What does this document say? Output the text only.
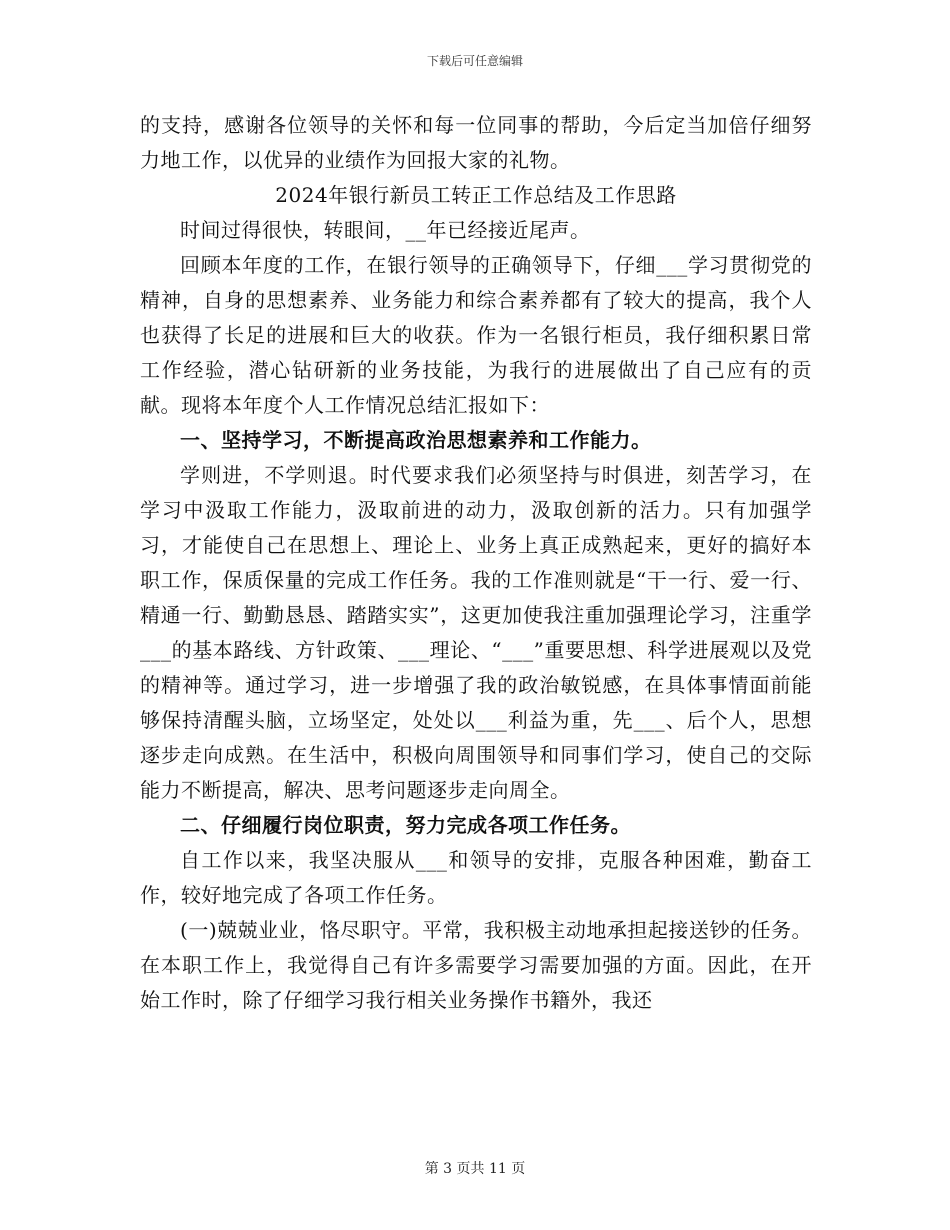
下载后可任意编辑

的支持，感谢各位领导的关怀和每一位同事的帮助，今后定当加倍仔细努力地工作，以优异的业绩作为回报大家的礼物。

2024年银行新员工转正工作总结及工作思路

时间过得很快，转眼间，__年已经接近尾声。

回顾本年度的工作，在银行领导的正确领导下，仔细___学习贯彻党的精神，自身的思想素养、业务能力和综合素养都有了较大的提高，我个人也获得了长足的进展和巨大的收获。作为一名银行柜员，我仔细积累日常工作经验，潜心钻研新的业务技能，为我行的进展做出了自己应有的贡献。现将本年度个人工作情况总结汇报如下：

一、坚持学习，不断提高政治思想素养和工作能力。

学则进，不学则退。时代要求我们必须坚持与时俱进，刻苦学习，在学习中汲取工作能力，汲取前进的动力，汲取创新的活力。只有加强学习，才能使自己在思想上、理论上、业务上真正成熟起来，更好的搞好本职工作，保质保量的完成工作任务。我的工作准则就是“干一行、爱一行、精通一行、勤勤恳恳、踏踏实实”，这更加使我注重加强理论学习，注重学___的基本路线、方针政策、___理论、“___”重要思想、科学进展观以及党的精神等。通过学习，进一步增强了我的政治敏锐感，在具体事情面前能够保持清醒头脑，立场坚定，处处以___利益为重，先___、后个人，思想逐步走向成熟。在生活中，积极向周围领导和同事们学习，使自己的交际能力不断提高，解决、思考问题逐步走向周全。

二、仔细履行岗位职责，努力完成各项工作任务。

自工作以来，我坚决服从___和领导的安排，克服各种困难，勤奋工作，较好地完成了各项工作任务。

(一)兢兢业业，恪尽职守。平常，我积极主动地承担起接送钞的任务。在本职工作上，我觉得自己有许多需要学习需要加强的方面。因此，在开始工作时，除了仔细学习我行相关业务操作书籍外，我还

第 3 页共 11 页
